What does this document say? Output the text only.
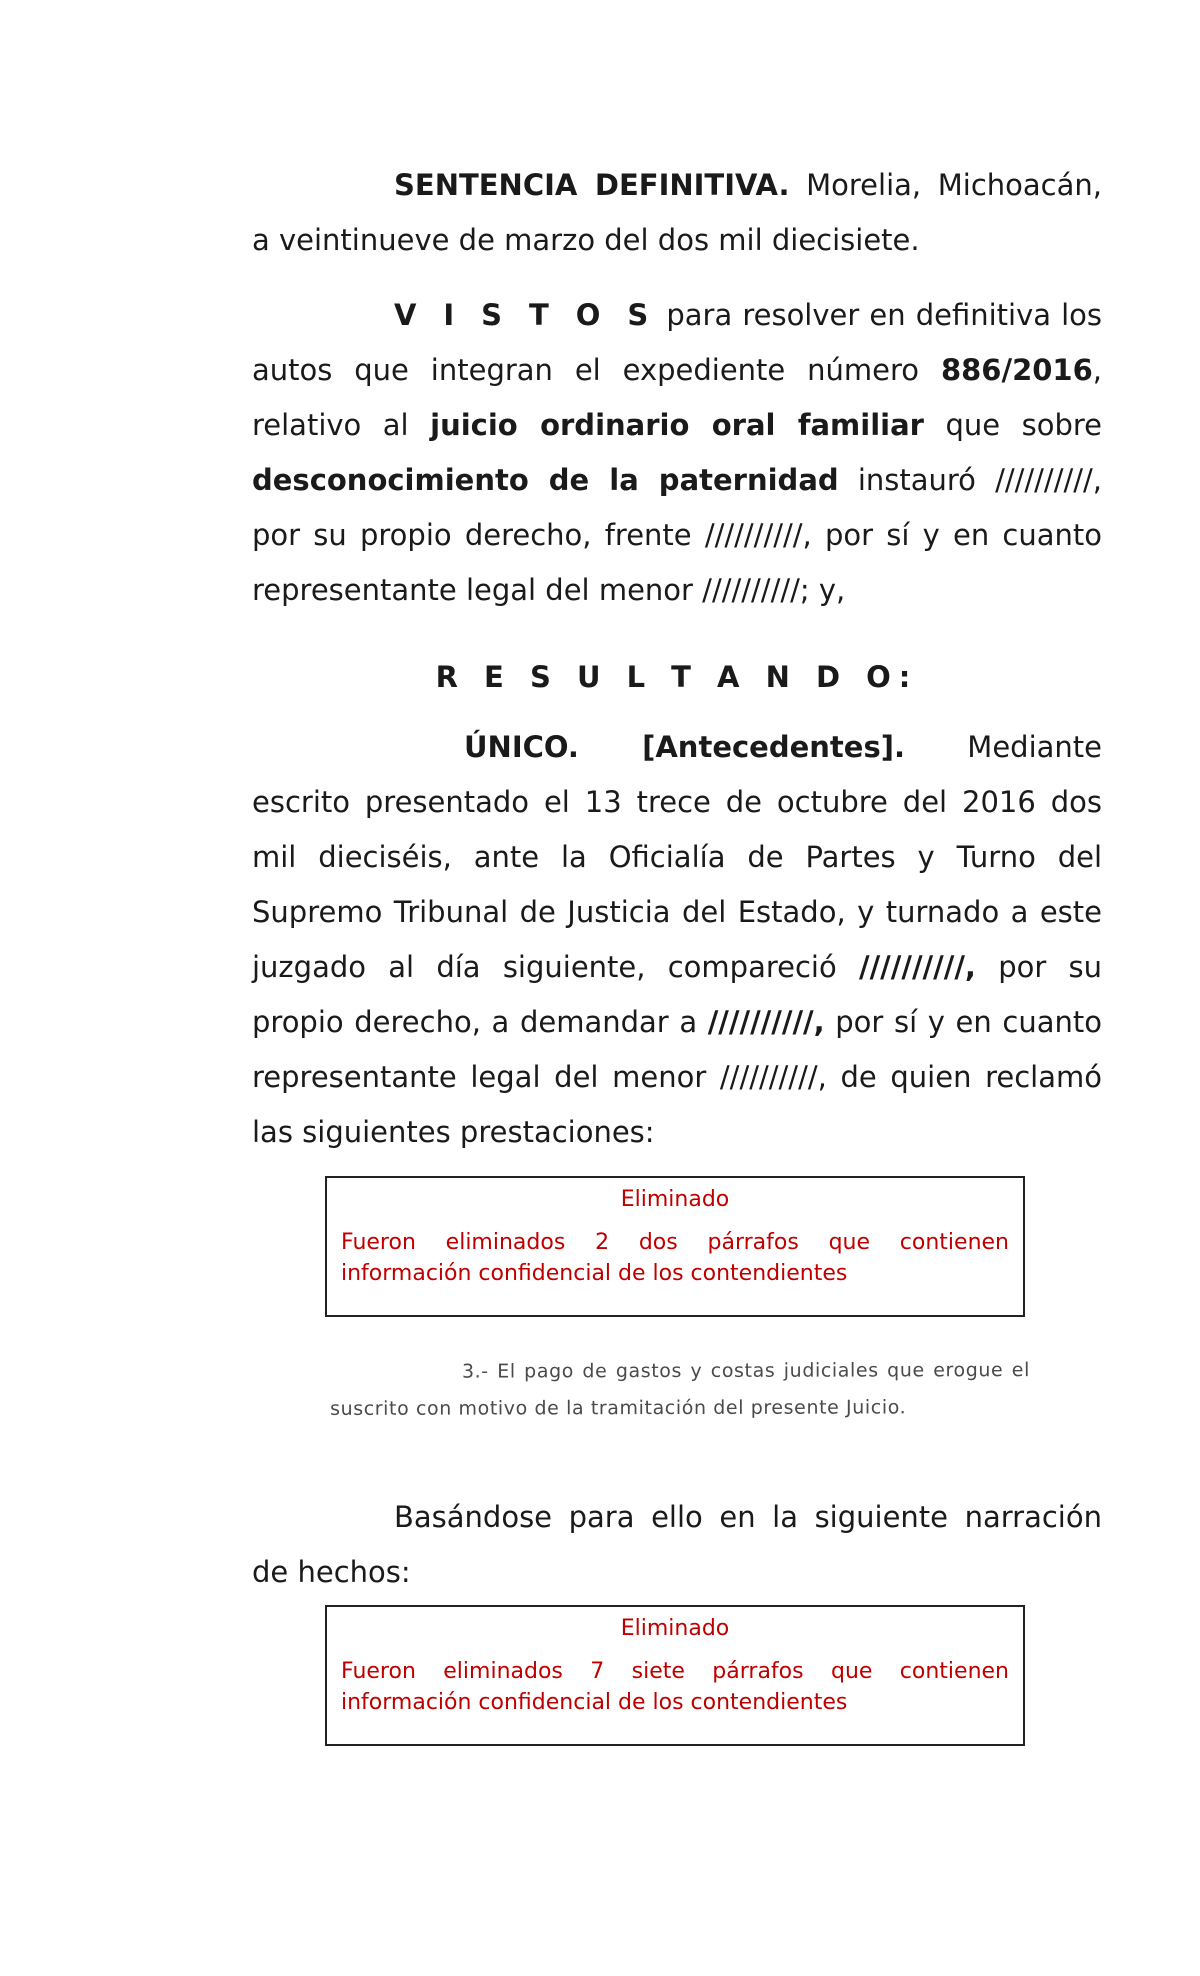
SENTENCIA DEFINITIVA. Morelia, Michoacán, a veintinueve de marzo del dos mil diecisiete.

V I S T O S para resolver en definitiva los autos que integran el expediente número 886/2016, relativo al juicio ordinario oral familiar que sobre desconocimiento de la paternidad instauró //////////, por su propio derecho, frente //////////, por sí y en cuanto representante legal del menor //////////; y,

R E S U L T A N D O:

ÚNICO. [Antecedentes]. Mediante escrito presentado el 13 trece de octubre del 2016 dos mil dieciséis, ante la Oficialía de Partes y Turno del Supremo Tribunal de Justicia del Estado, y turnado a este juzgado al día siguiente, compareció //////////, por su propio derecho, a demandar a //////////, por sí y en cuanto representante legal del menor //////////, de quien reclamó las siguientes prestaciones:

Eliminado
Fueron eliminados 2 dos párrafos que contienen información confidencial de los contendientes
3.- El pago de gastos y costas judiciales que erogue el suscrito con motivo de la tramitación del presente Juicio.

Basándose para ello en la siguiente narración de hechos:

Eliminado
Fueron eliminados 7 siete párrafos que contienen información confidencial de los contendientes
